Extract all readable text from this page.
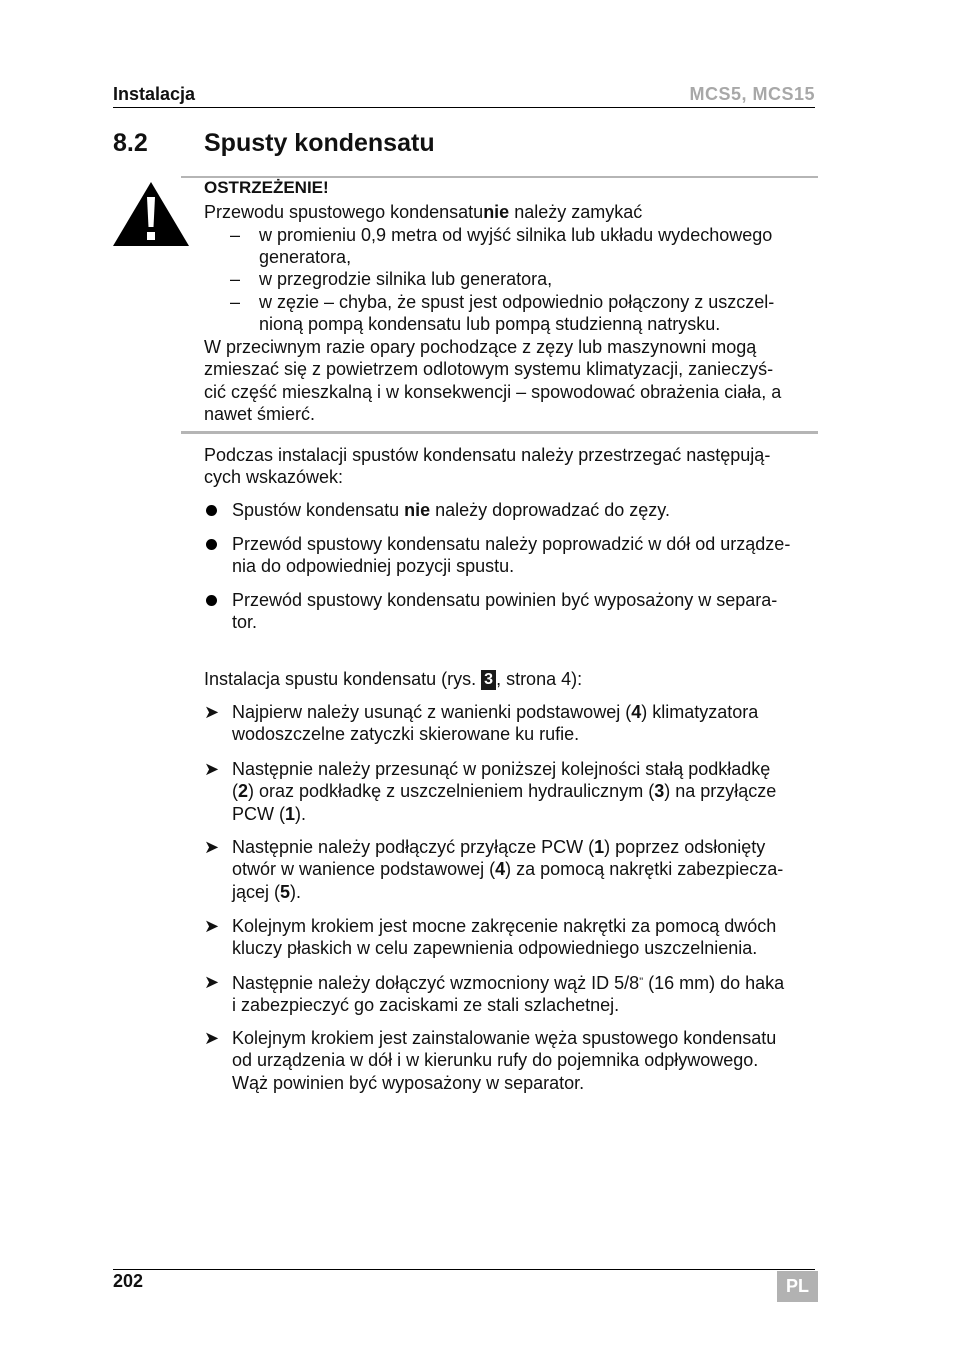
Instalacja	MCS5, MCS15
8.2 Spusty kondensatu
OSTRZEŻENIE!
Przewodu spustowego kondensatunie należy zamykać
– w promieniu 0,9 metra od wyjść silnika lub układu wydechowego
generatora,
– w przegrodzie silnika lub generatora,
– w zęzie – chyba, że spust jest odpowiednio połączony z uszczel-
nioną pompą kondensatu lub pompą studzienną natrysku.
W przeciwnym razie opary pochodzące z zęzy lub maszynowni mogą
zmieszać się z powietrzem odlotowym systemu klimatyzacji, zanieczyś-
cić część mieszkalną i w konsekwencji – spowodować obrażenia ciała, a
nawet śmierć.
Podczas instalacji spustów kondensatu należy przestrzegać następują-
cych wskazówek:
Spustów kondensatu nie należy doprowadzać do zęzy.
Przewód spustowy kondensatu należy poprowadzić w dół od urządze-
nia do odpowiedniej pozycji spustu.
Przewód spustowy kondensatu powinien być wyposażony w separa-
tor.
Instalacja spustu kondensatu (rys. 3 , strona 4):
➤ Najpierw należy usunąć z wanienki podstawowej (4) klimatyzatora
wodoszczelne zatyczki skierowane ku rufie.
➤ Następnie należy przesunąć w poniższej kolejności stałą podkładkę
(2) oraz podkładkę z uszczelnieniem hydraulicznym (3) na przyłącze
PCW (1).
➤ Następnie należy podłączyć przyłącze PCW (1) poprzez odsłonięty
otwór w wanience podstawowej (4) za pomocą nakrętki zabezpiecza-
jącej (5).
➤ Kolejnym krokiem jest mocne zakręcenie nakrętki za pomocą dwóch
kluczy płaskich w celu zapewnienia odpowiedniego uszczelnienia.
➤ Następnie należy dołączyć wzmocniony wąż ID 5/8" (16 mm) do haka
i zabezpieczyć go zaciskami ze stali szlachetnej.
➤ Kolejnym krokiem jest zainstalowanie węża spustowego kondensatu
od urządzenia w dół i w kierunku rufy do pojemnika odpływowego.
Wąż powinien być wyposażony w separator.
202	PL
